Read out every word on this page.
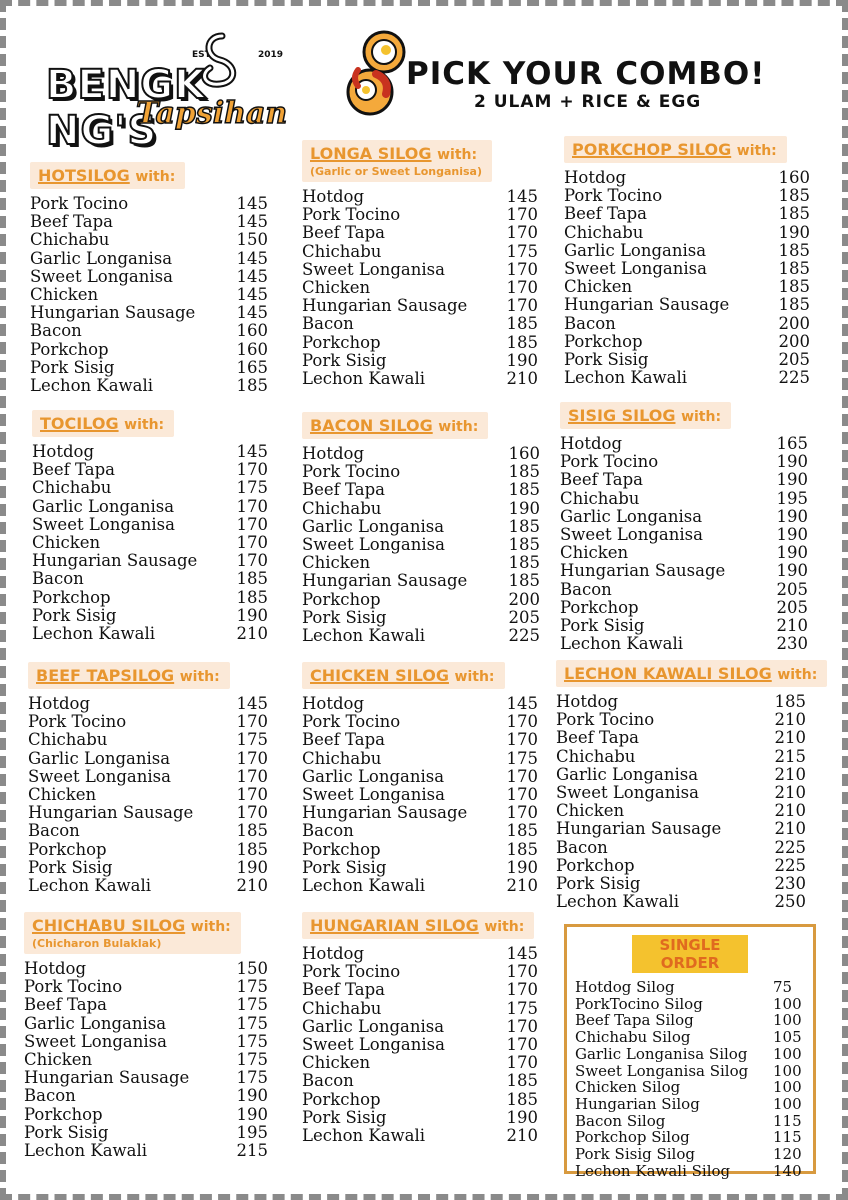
EST.	2019
BENGK NG'S
Tapsihan
PICK YOUR COMBO!
2 ULAM + RICE & EGG
HOTSILOG with:
Pork Tocino	145
Beef Tapa	145
Chichabu	150
Garlic Longanisa	145
Sweet Longanisa	145
Chicken	145
Hungarian Sausage 145
Bacon	160
Porkchop	160
Pork Sisig	165
Lechon Kawali	185
TOCILOG with:
Hotdog	145
Beef Tapa	170
Chichabu	175
Garlic Longanisa	170
Sweet Longanisa	170
Chicken	170
Hungarian Sausage 170
Bacon	185
Porkchop	185
Pork Sisig	190
Lechon Kawali	210
BEEF TAPSILOG with:
Hotdog	145
Pork Tocino	170
Chichabu	175
Garlic Longanisa	170
Sweet Longanisa	170
Chicken	170
Hungarian Sausage	170
Bacon	185
Porkchop	185
Pork Sisig	190
Lechon Kawali	210
CHICHABU SILOG with:
(Chicharon Bulaklak)
Hotdog	150
Pork Tocino	175
Beef Tapa	175
Garlic Longanisa	175
Sweet Longanisa	175
Chicken	175
Hungarian Sausage	175
Bacon	190
Porkchop	190
Pork Sisig	195
Lechon Kawali	215
LONGA SILOG with:
(Garlic or Sweet Longanisa)
Hotdog	145
Pork Tocino	170
Beef Tapa	170
Chichabu	175
Sweet Longanisa	170
Chicken	170
Hungarian Sausage 170
Bacon	185
Porkchop	185
Pork Sisig	190
Lechon Kawali	210
BACON SILOG with:
Hotdog	160
Pork Tocino	185
Beef Tapa	185
Chichabu	190
Garlic Longanisa	185
Sweet Longanisa	185
Chicken	185
Hungarian Sausage 185
Porkchop	200
Pork Sisig	205
Lechon Kawali	225
CHICKEN SILOG with:
Hotdog	145
Pork Tocino	170
Beef Tapa	170
Chichabu	175
Garlic Longanisa	170
Sweet Longanisa	170
Hungarian Sausage 170
Bacon	185
Porkchop	185
Pork Sisig	190
Lechon Kawali	210
HUNGARIAN SILOG with:
Hotdog	145
Pork Tocino	170
Beef Tapa	170
Chichabu	175
Garlic Longanisa	170
Sweet Longanisa	170
Chicken	170
Bacon	185
Porkchop	185
Pork Sisig	190
Lechon Kawali	210
PORKCHOP SILOG with:
Hotdog	160
Pork Tocino	185
Beef Tapa	185
Chichabu	190
Garlic Longanisa	185
Sweet Longanisa	185
Chicken	185
Hungarian Sausage	185
Bacon	200
Porkchop	200
Pork Sisig	205
Lechon Kawali	225
SISIG SILOG with:
Hotdog	165
Pork Tocino	190
Beef Tapa	190
Chichabu	195
Garlic Longanisa	190
Sweet Longanisa	190
Chicken	190
Hungarian Sausage	190
Bacon	205
Porkchop	205
Pork Sisig	210
Lechon Kawali	230
LECHON KAWALI SILOG with:
Hotdog	185
Pork Tocino	210
Beef Tapa	210
Chichabu	215
Garlic Longanisa	210
Sweet Longanisa	210
Chicken	210
Hungarian Sausage	210
Bacon	225
Porkchop	225
Pork Sisig	230
Lechon Kawali	250
SINGLE ORDER
Hotdog Silog	75
PorkTocino Silog	100
Beef Tapa Silog	100
Chichabu Silog	105
Garlic Longanisa Silog 100
Sweet Longanisa Silog 100
Chicken Silog	100
Hungarian Silog	100
Bacon Silog	115
Porkchop Silog	115
Pork Sisig Silog	120
Lechon Kawali Silog	140
